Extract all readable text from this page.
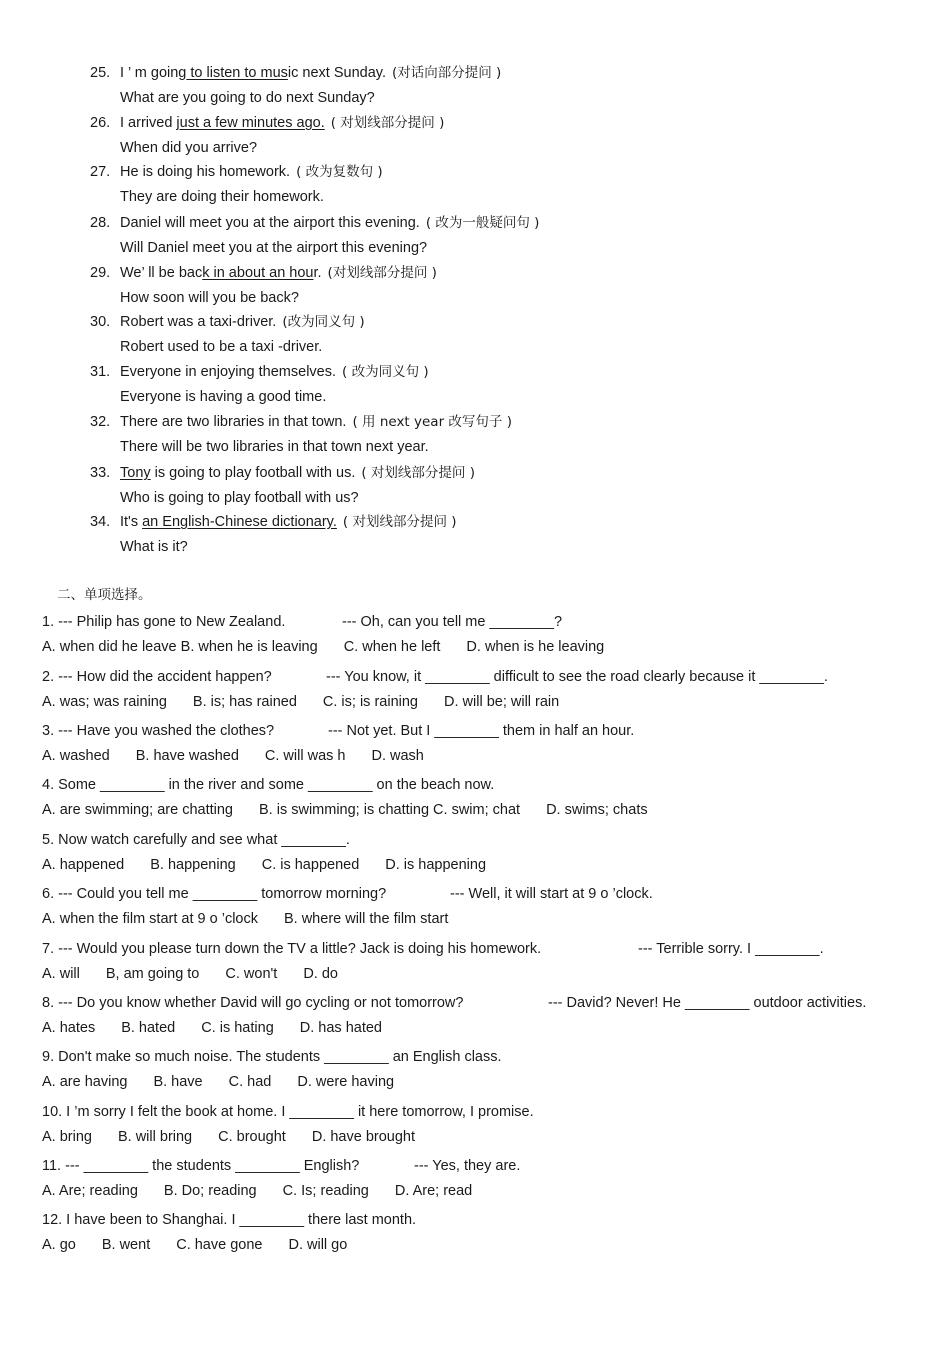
25. I ’ m going to listen to music next Sunday. (对话向部分提问 )
What are you going to do next Sunday?
26. I arrived just a few minutes ago. ( 对划线部分提问 )
When did you arrive?
27. He is doing his homework. ( 改为复数句 )
They are doing their homework.
28. Daniel will meet you at the airport this evening. ( 改为一般疑问句 )
Will Daniel meet you at the airport this evening?
29. We’ ll be back in about an hour. (对划线部分提问 )
How soon will you be back?
30. Robert was a taxi-driver. (改为同义句 )
Robert used to be a taxi -driver.
31. Everyone in enjoying themselves. ( 改为同义句 )
Everyone is having a good time.
32. There are two libraries in that town. ( 用 next year 改写句子 )
There will be two libraries in that town next year.
33. Tony is going to play football with us. ( 对划线部分提问 )
Who is going to play football with us?
34. It's an English-Chinese dictionary. ( 对划线部分提问 )
What is it?
二、单项选择。
1. --- Philip has gone to New Zealand.	--- Oh, can you tell me ________?
A. when did he leave B. when he is leaving C. when he left D. when is he leaving
2. --- How did the accident happen?	--- You know, it ________ difficult to see the road clearly because it ________.
A. was; was raining B. is; has rained C. is; is raining D. will be; will rain
3. --- Have you washed the clothes?	--- Not yet. But I ________ them in half an hour.
A. washed B. have washed C. will was h D. wash
4. Some ________ in the river and some ________ on the beach now.
A. are swimming; are chatting B. is swimming; is chatting C. swim; chat D. swims; chats
5. Now watch carefully and see what ________.
A. happened B. happening C. is happened D. is happening
6. --- Could you tell me ________ tomorrow morning?	--- Well, it will start at 9 o ’clock.
A. when the film start at 9 o ’clock B. where will the film start
7. --- Would you please turn down the TV a little? Jack is doing his homework.	--- Terrible sorry. I ________.
A. will B, am going to C. won't D. do
8. --- Do you know whether David will go cycling or not tomorrow?	--- David? Never! He ________ outdoor activities.
A. hates B. hated C. is hating D. has hated
9. Don't make so much noise. The students ________ an English class.
A. are having B. have C. had D. were having
10. I ’m sorry I felt the book at home. I ________ it here tomorrow, I promise.
A. bring B. will bring C. brought D. have brought
11. --- ________ the students ________ English?	--- Yes, they are.
A. Are; reading B. Do; reading C. Is; reading D. Are; read
12. I have been to Shanghai. I ________ there last month.
A. go B. went C. have gone D. will go
